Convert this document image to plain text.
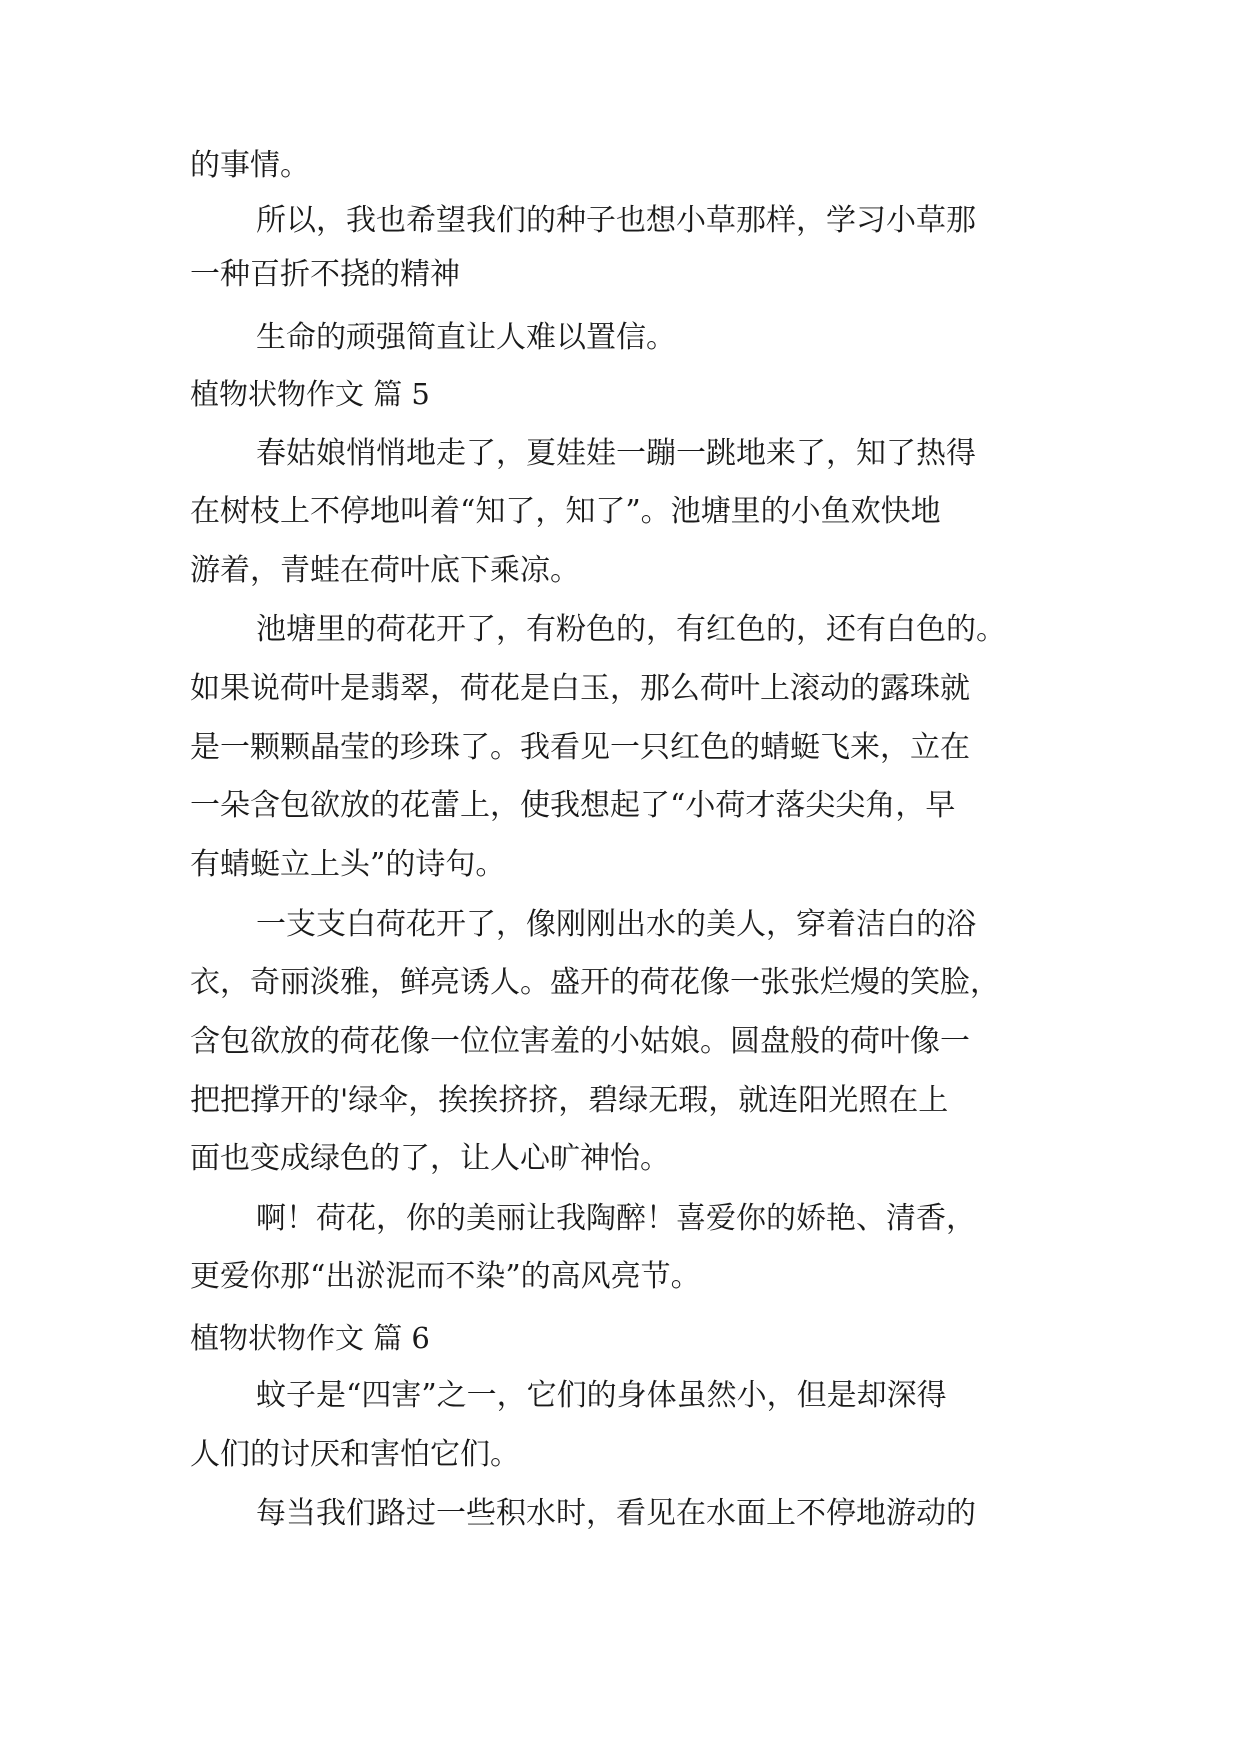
的事情。

所以，我也希望我们的种子也想小草那样，学习小草那

一种百折不挠的精神

生命的顽强简直让人难以置信。

植物状物作文 篇 5

春姑娘悄悄地走了，夏娃娃一蹦一跳地来了，知了热得

在树枝上不停地叫着“知了，知了”。池塘里的小鱼欢快地

游着，青蛙在荷叶底下乘凉。

池塘里的荷花开了，有粉色的，有红色的，还有白色的。

如果说荷叶是翡翠，荷花是白玉，那么荷叶上滚动的露珠就

是一颗颗晶莹的珍珠了。我看见一只红色的蜻蜓飞来，立在

一朵含包欲放的花蕾上，使我想起了“小荷才落尖尖角，早

有蜻蜓立上头”的诗句。

一支支白荷花开了，像刚刚出水的美人，穿着洁白的浴

衣，奇丽淡雅，鲜亮诱人。盛开的荷花像一张张烂熳的笑脸，

含包欲放的荷花像一位位害羞的小姑娘。圆盘般的荷叶像一

把把撑开的'绿伞，挨挨挤挤，碧绿无瑕，就连阳光照在上

面也变成绿色的了，让人心旷神怡。

啊！荷花，你的美丽让我陶醉！喜爱你的娇艳、清香，

更爱你那“出淤泥而不染”的高风亮节。

植物状物作文 篇 6

蚊子是“四害”之一，它们的身体虽然小，但是却深得

人们的讨厌和害怕它们。

每当我们路过一些积水时，看见在水面上不停地游动的
